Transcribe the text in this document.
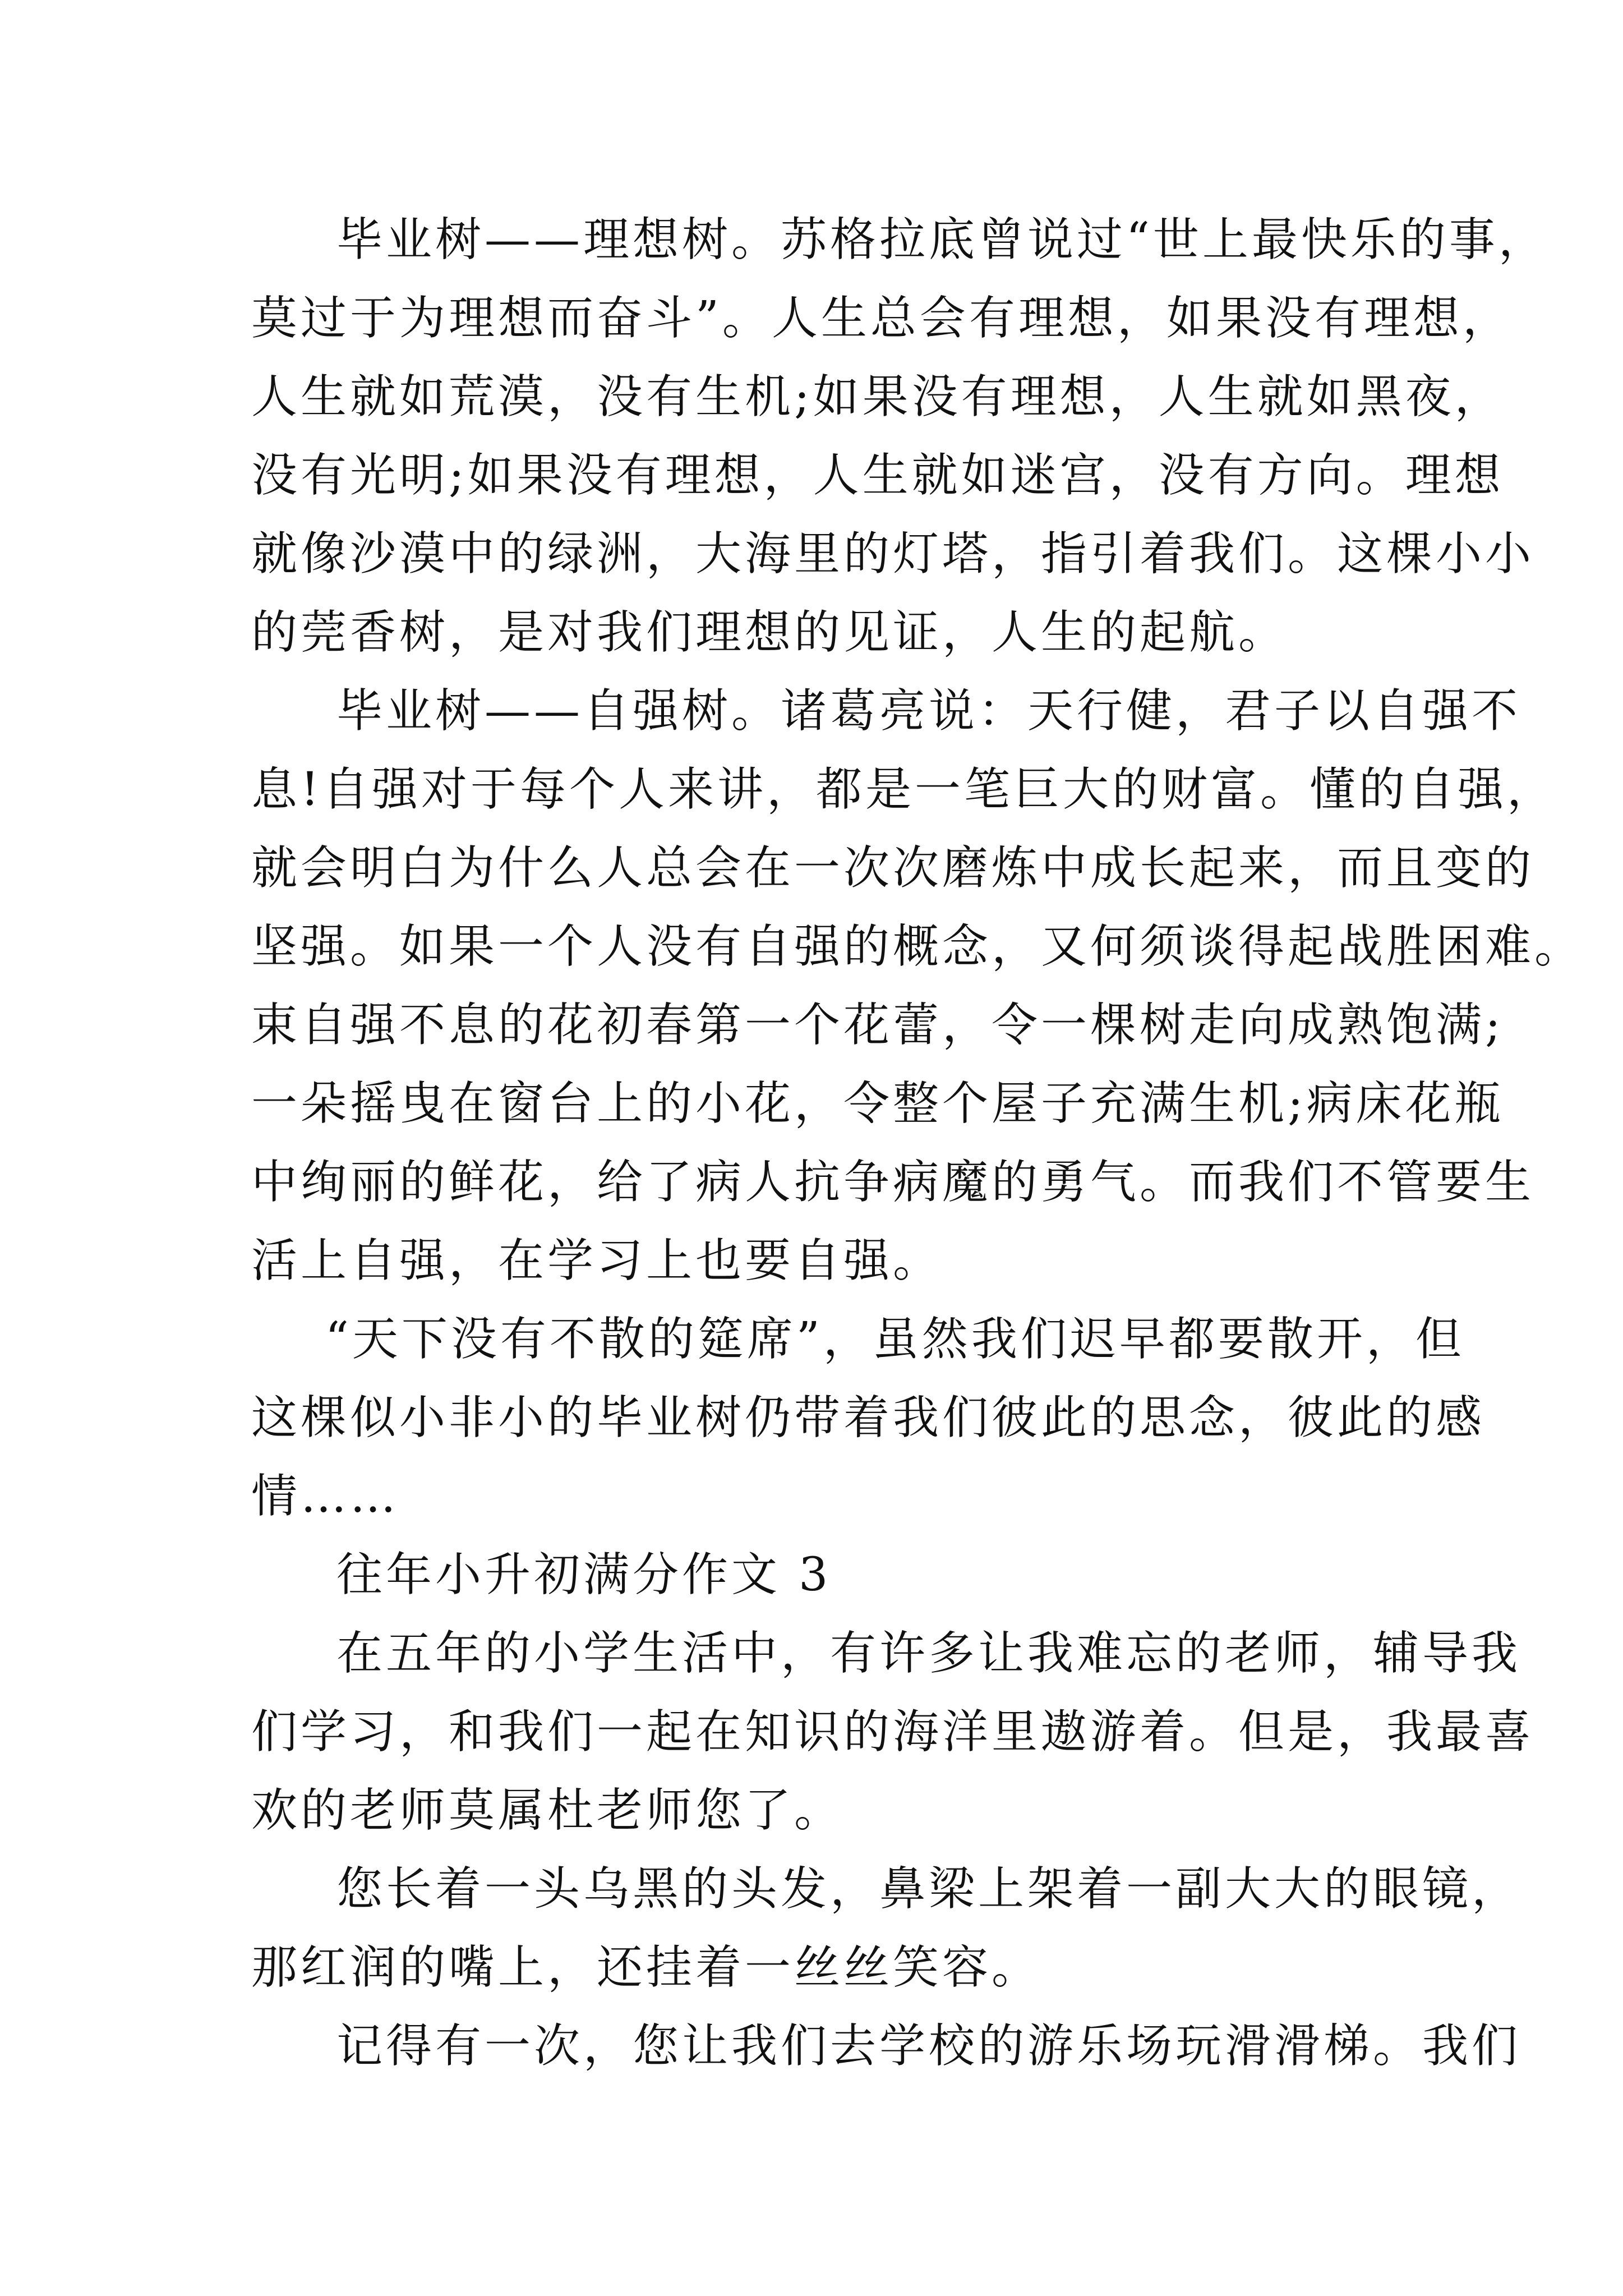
毕业树——理想树。苏格拉底曾说过“世上最快乐的事，
莫过于为理想而奋斗”。人生总会有理想，如果没有理想，
人生就如荒漠，没有生机;如果没有理想，人生就如黑夜，
没有光明;如果没有理想，人生就如迷宫，没有方向。理想
就像沙漠中的绿洲，大海里的灯塔，指引着我们。这棵小小
的莞香树，是对我们理想的见证，人生的起航。
毕业树——自强树。诸葛亮说：天行健，君子以自强不
息!自强对于每个人来讲，都是一笔巨大的财富。懂的自强，
就会明白为什么人总会在一次次磨炼中成长起来，而且变的
坚强。如果一个人没有自强的概念，又何须谈得起战胜困难。
束自强不息的花初春第一个花蕾，令一棵树走向成熟饱满;
一朵摇曳在窗台上的小花，令整个屋子充满生机;病床花瓶
中绚丽的鲜花，给了病人抗争病魔的勇气。而我们不管要生
活上自强，在学习上也要自强。
“天下没有不散的筵席”，虽然我们迟早都要散开，但
这棵似小非小的毕业树仍带着我们彼此的思念，彼此的感
情……
往年小升初满分作文 3
在五年的小学生活中，有许多让我难忘的老师，辅导我
们学习，和我们一起在知识的海洋里遨游着。但是，我最喜
欢的老师莫属杜老师您了。
您长着一头乌黑的头发，鼻梁上架着一副大大的眼镜，
那红润的嘴上，还挂着一丝丝笑容。
记得有一次，您让我们去学校的游乐场玩滑滑梯。我们
